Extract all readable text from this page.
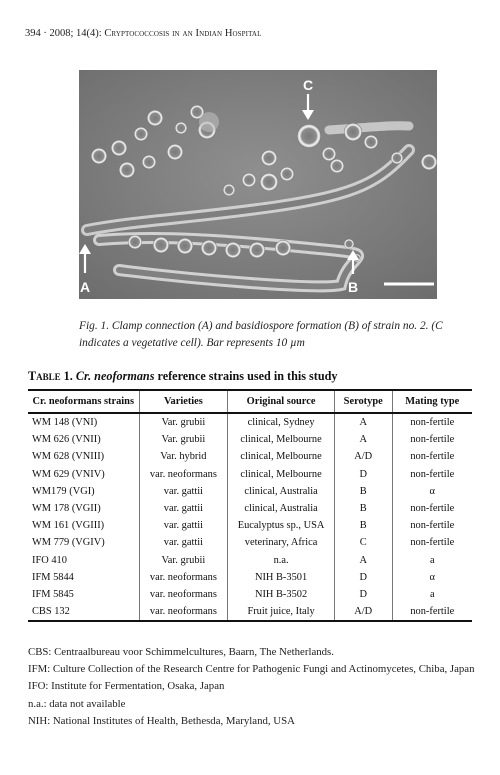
394 · 2008; 14(4): Cryptococcosis in an Indian Hospital
C
A	B
Fig. 1. Clamp connection (A) and basidiospore formation (B) of strain no. 2. (C indicates a vegetative cell). Bar represents 10 µm
Table 1. Cr. neoformans reference strains used in this study
Cr. neoformans strains	Varieties	Original source	Serotype	Mating type
WM 148 (VNI)	Var. grubii	clinical, Sydney	A	non-fertile
WM 626 (VNII)	Var. grubii	clinical, Melbourne	A	non-fertile
WM 628 (VNIII)	Var. hybrid	clinical, Melbourne	A/D	non-fertile
WM 629 (VNIV)	var. neoformans	clinical, Melbourne	D	non-fertile
WM179 (VGI)	var. gattii	clinical, Australia	B	α
WM 178 (VGII)	var. gattii	clinical, Australia	B	non-fertile
WM 161 (VGIII)	var. gattii	Eucalyptus sp., USA	B	non-fertile
WM 779 (VGIV)	var. gattii	veterinary, Africa	C	non-fertile
IFO 410	Var. grubii	n.a.	A	a
IFM 5844	var. neoformans	NIH B-3501	D	α
IFM 5845	var. neoformans	NIH B-3502	D	a
CBS 132	var. neoformans	Fruit juice, Italy	A/D	non-fertile
CBS: Centraalbureau voor Schimmelcultures, Baarn, The Netherlands.
IFM: Culture Collection of the Research Centre for Pathogenic Fungi and Actinomycetes, Chiba, Japan
IFO: Institute for Fermentation, Osaka, Japan
n.a.: data not available
NIH: National Institutes of Health, Bethesda, Maryland, USA
